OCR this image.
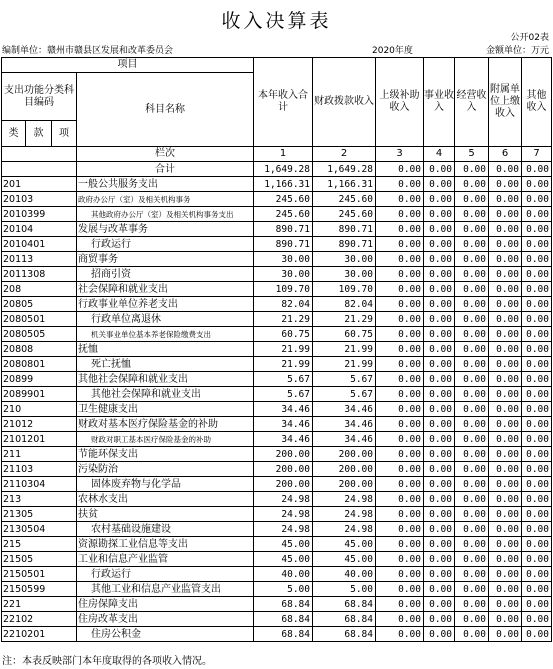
收入决算表
公开02表
编制单位：赣州市赣县区发展和改革委员会	2020年度	金额单位：万元
项目				本年收入合计	财政拨款收入	上级补助收入	事业收入	经营收入	附属单位上缴收入	其他收入
支出功能分类科目编码			科目名称							
类	款	项								
			栏次	1	2	3	4	5	6	7
			合计	1,649.28	1,649.28	0.00	0.00	0.00	0.00	0.00
201			一般公共服务支出	1,166.31	1,166.31	0.00	0.00	0.00	0.00	0.00
20103			政府办公厅（室）及相关机构事务	245.60	245.60	0.00	0.00	0.00	0.00	0.00
2010399			其他政府办公厅（室）及相关机构事务支出	245.60	245.60	0.00	0.00	0.00	0.00	0.00
20104			发展与改革事务	890.71	890.71	0.00	0.00	0.00	0.00	0.00
2010401			行政运行	890.71	890.71	0.00	0.00	0.00	0.00	0.00
20113			商贸事务	30.00	30.00	0.00	0.00	0.00	0.00	0.00
2011308			招商引资	30.00	30.00	0.00	0.00	0.00	0.00	0.00
208			社会保障和就业支出	109.70	109.70	0.00	0.00	0.00	0.00	0.00
20805			行政事业单位养老支出	82.04	82.04	0.00	0.00	0.00	0.00	0.00
2080501			行政单位离退休	21.29	21.29	0.00	0.00	0.00	0.00	0.00
2080505			机关事业单位基本养老保险缴费支出	60.75	60.75	0.00	0.00	0.00	0.00	0.00
20808			抚恤	21.99	21.99	0.00	0.00	0.00	0.00	0.00
2080801			死亡抚恤	21.99	21.99	0.00	0.00	0.00	0.00	0.00
20899			其他社会保障和就业支出	5.67	5.67	0.00	0.00	0.00	0.00	0.00
2089901			其他社会保障和就业支出	5.67	5.67	0.00	0.00	0.00	0.00	0.00
210			卫生健康支出	34.46	34.46	0.00	0.00	0.00	0.00	0.00
21012			财政对基本医疗保险基金的补助	34.46	34.46	0.00	0.00	0.00	0.00	0.00
2101201			财政对职工基本医疗保险基金的补助	34.46	34.46	0.00	0.00	0.00	0.00	0.00
211			节能环保支出	200.00	200.00	0.00	0.00	0.00	0.00	0.00
21103			污染防治	200.00	200.00	0.00	0.00	0.00	0.00	0.00
2110304			固体废弃物与化学品	200.00	200.00	0.00	0.00	0.00	0.00	0.00
213			农林水支出	24.98	24.98	0.00	0.00	0.00	0.00	0.00
21305			扶贫	24.98	24.98	0.00	0.00	0.00	0.00	0.00
2130504			农村基础设施建设	24.98	24.98	0.00	0.00	0.00	0.00	0.00
215			资源勘探工业信息等支出	45.00	45.00	0.00	0.00	0.00	0.00	0.00
21505			工业和信息产业监管	45.00	45.00	0.00	0.00	0.00	0.00	0.00
2150501			行政运行	40.00	40.00	0.00	0.00	0.00	0.00	0.00
2150599			其他工业和信息产业监管支出	5.00	5.00	0.00	0.00	0.00	0.00	0.00
221			住房保障支出	68.84	68.84	0.00	0.00	0.00	0.00	0.00
22102			住房改革支出	68.84	68.84	0.00	0.00	0.00	0.00	0.00
2210201			住房公积金	68.84	68.84	0.00	0.00	0.00	0.00	0.00
注：本表反映部门本年度取得的各项收入情况。
